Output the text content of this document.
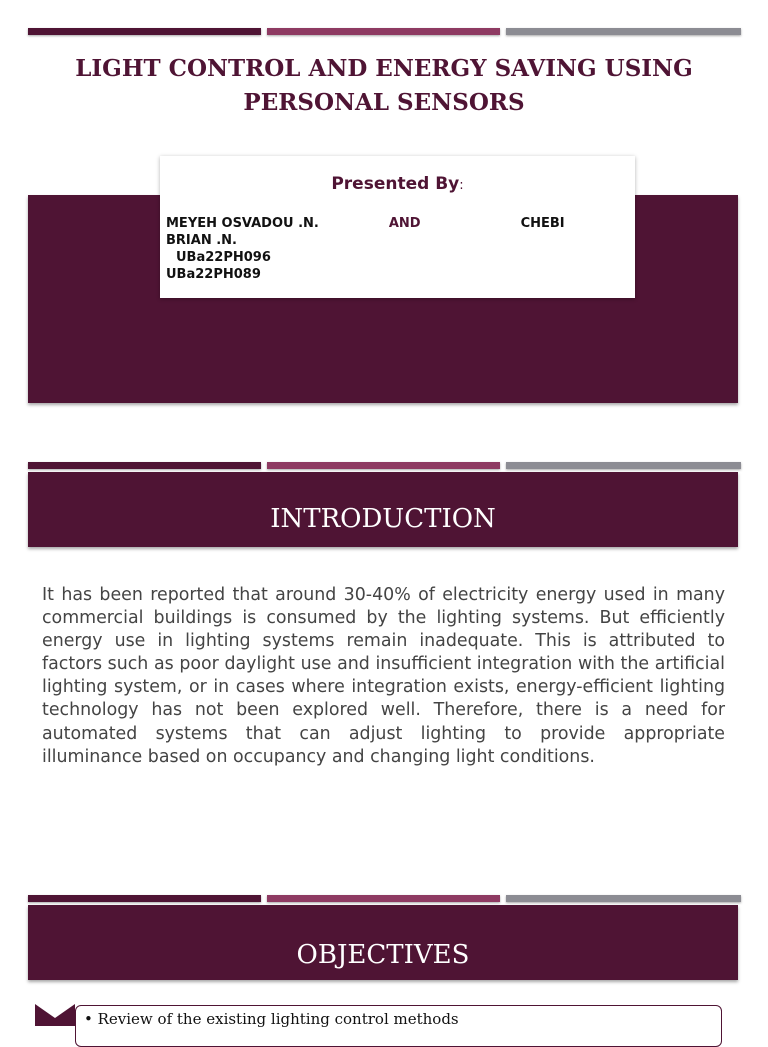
LIGHT CONTROL AND ENERGY SAVING USING PERSONAL SENSORS
Presented By:
MEYEH OSVADOU .N.	AND	CHEBI
BRIAN .N.
UBa22PH096
UBa22PH089
INTRODUCTION
It has been reported that around 30-40% of electricity energy used in many commercial buildings is consumed by the lighting systems. But efficiently energy use in lighting systems remain inadequate. This is attributed to factors such as poor daylight use and insufficient integration with the artificial lighting system, or in cases where integration exists, energy-efficient lighting technology has not been explored well. Therefore, there is a need for automated systems that can adjust lighting to provide appropriate illuminance based on occupancy and changing light conditions.
OBJECTIVES
• Review of the existing lighting control methods
